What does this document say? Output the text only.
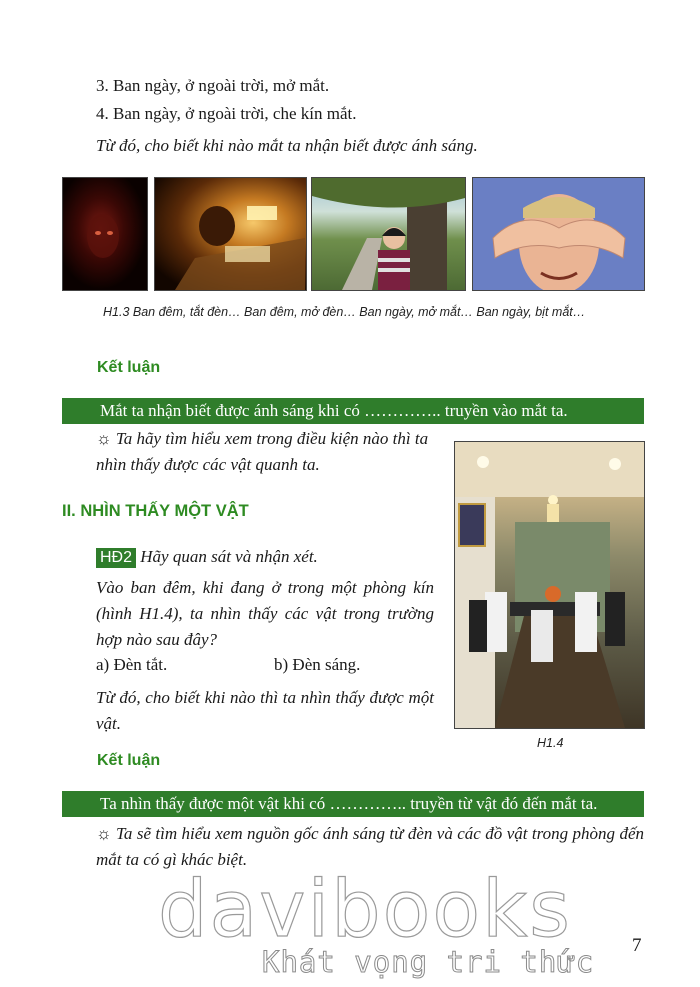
3. Ban ngày, ở ngoài trời, mở mắt.
4. Ban ngày, ở ngoài trời, che kín mắt.
Từ đó, cho biết khi nào mắt ta nhận biết được ánh sáng.
H1.3 Ban đêm, tắt đèn… Ban đêm, mở đèn… Ban ngày, mở mắt… Ban ngày, bịt mắt…
Kết luận
Mắt ta nhận biết được ánh sáng khi có ………….. truyền vào mắt ta.
☼ Ta hãy tìm hiểu xem trong điều kiện nào thì ta nhìn thấy được các vật quanh ta.
II. NHÌN THẤY MỘT VẬT
HĐ2 Hãy quan sát và nhận xét.
Vào ban đêm, khi đang ở trong một phòng kín (hình H1.4), ta nhìn thấy các vật trong trường hợp nào sau đây?
a) Đèn tắt.	b) Đèn sáng.
Từ đó, cho biết khi nào thì ta nhìn thấy được một vật.
H1.4
Kết luận
Ta nhìn thấy được một vật khi có ………….. truyền từ vật đó đến mắt ta.
☼ Ta sẽ tìm hiểu xem nguồn gốc ánh sáng từ đèn và các đồ vật trong phòng đến mắt ta có gì khác biệt.
davibooks
Khát vọng tri thức 7
